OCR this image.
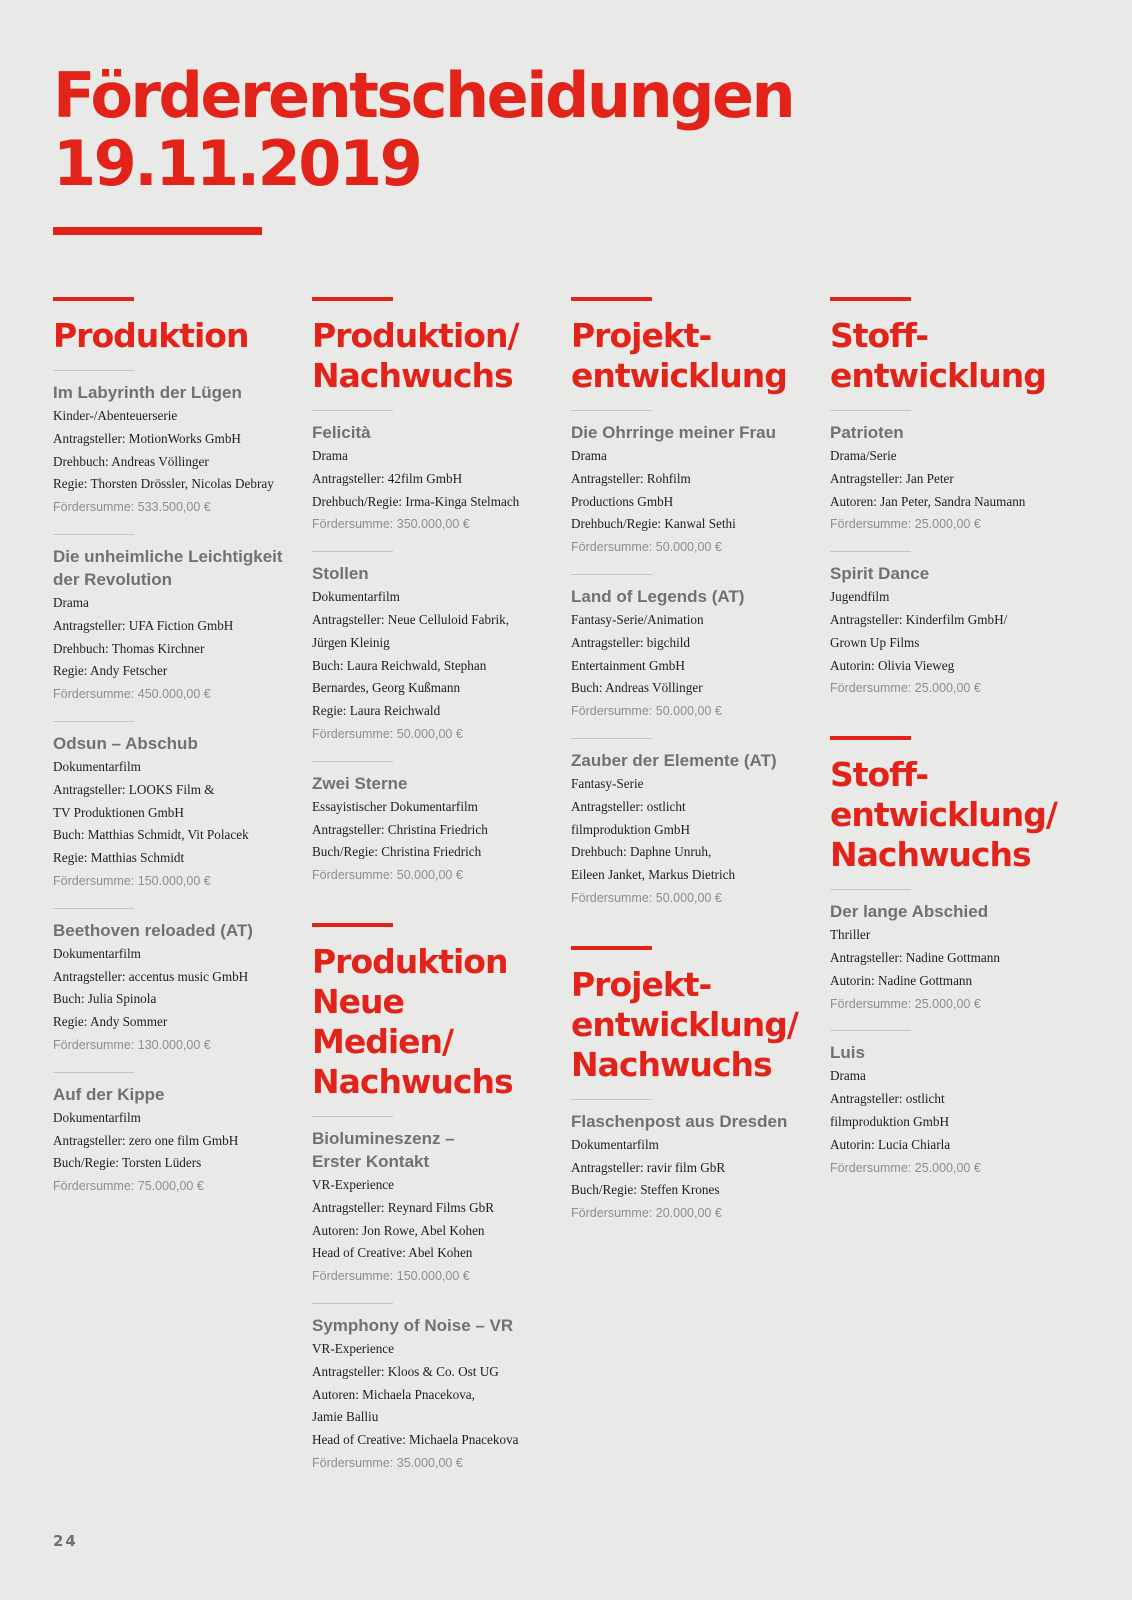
Förderentscheidungen
19.11.2019
Produktion
Im Labyrinth der Lügen
Kinder-/Abenteuerserie
Antragsteller: MotionWorks GmbH
Drehbuch: Andreas Völlinger
Regie: Thorsten Drössler, Nicolas Debray
Fördersumme: 533.500,00 €
Die unheimliche Leichtigkeit
der Revolution
Drama
Antragsteller: UFA Fiction GmbH
Drehbuch: Thomas Kirchner
Regie: Andy Fetscher
Fördersumme: 450.000,00 €
Odsun – Abschub
Dokumentarfilm
Antragsteller: LOOKS Film &
TV Produktionen GmbH
Buch: Matthias Schmidt, Vit Polacek
Regie: Matthias Schmidt
Fördersumme: 150.000,00 €
Beethoven reloaded (AT)
Dokumentarfilm
Antragsteller: accentus music GmbH
Buch: Julia Spinola
Regie: Andy Sommer
Fördersumme: 130.000,00 €
Auf der Kippe
Dokumentarfilm
Antragsteller: zero one film GmbH
Buch/Regie: Torsten Lüders
Fördersumme: 75.000,00 €
Produktion/
Nachwuchs
Felicità
Drama
Antragsteller: 42film GmbH
Drehbuch/Regie: Irma-Kinga Stelmach
Fördersumme: 350.000,00 €
Stollen
Dokumentarfilm
Antragsteller: Neue Celluloid Fabrik,
Jürgen Kleinig
Buch: Laura Reichwald, Stephan
Bernardes, Georg Kußmann
Regie: Laura Reichwald
Fördersumme: 50.000,00 €
Zwei Sterne
Essayistischer Dokumentarfilm
Antragsteller: Christina Friedrich
Buch/Regie: Christina Friedrich
Fördersumme: 50.000,00 €
Produktion
Neue Medien/
Nachwuchs
Biolumineszenz –
Erster Kontakt
VR-Experience
Antragsteller: Reynard Films GbR
Autoren: Jon Rowe, Abel Kohen
Head of Creative: Abel Kohen
Fördersumme: 150.000,00 €
Symphony of Noise – VR
VR-Experience
Antragsteller: Kloos & Co. Ost UG
Autoren: Michaela Pnacekova,
Jamie Balliu
Head of Creative: Michaela Pnacekova
Fördersumme: 35.000,00 €
Projekt-
entwicklung
Die Ohrringe meiner Frau
Drama
Antragsteller: Rohfilm
Productions GmbH
Drehbuch/Regie: Kanwal Sethi
Fördersumme: 50.000,00 €
Land of Legends (AT)
Fantasy-Serie/Animation
Antragsteller: bigchild
Entertainment GmbH
Buch: Andreas Völlinger
Fördersumme: 50.000,00 €
Zauber der Elemente (AT)
Fantasy-Serie
Antragsteller: ostlicht
filmproduktion GmbH
Drehbuch: Daphne Unruh,
Eileen Janket, Markus Dietrich
Fördersumme: 50.000,00 €
Projekt-
entwicklung/
Nachwuchs
Flaschenpost aus Dresden
Dokumentarfilm
Antragsteller: ravir film GbR
Buch/Regie: Steffen Krones
Fördersumme: 20.000,00 €
Stoff-
entwicklung
Patrioten
Drama/Serie
Antragsteller: Jan Peter
Autoren: Jan Peter, Sandra Naumann
Fördersumme: 25.000,00 €
Spirit Dance
Jugendfilm
Antragsteller: Kinderfilm GmbH/
Grown Up Films
Autorin: Olivia Vieweg
Fördersumme: 25.000,00 €
Stoff-
entwicklung/
Nachwuchs
Der lange Abschied
Thriller
Antragsteller: Nadine Gottmann
Autorin: Nadine Gottmann
Fördersumme: 25.000,00 €
Luis
Drama
Antragsteller: ostlicht
filmproduktion GmbH
Autorin: Lucia Chiarla
Fördersumme: 25.000,00 €
24
